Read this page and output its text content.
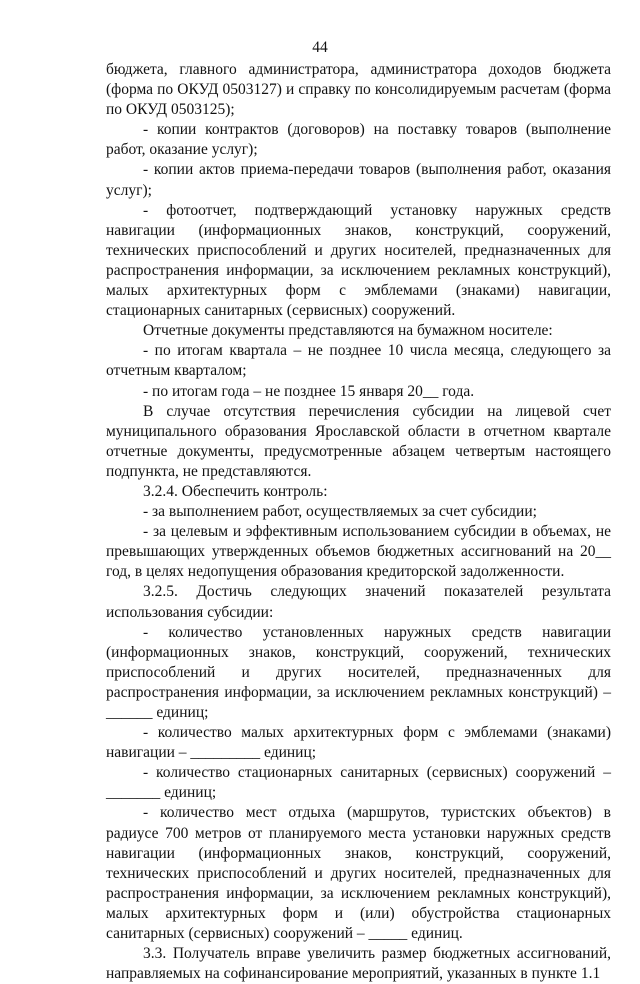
44

бюджета, главного администратора, администратора доходов бюджета (форма по ОКУД 0503127) и справку по консолидируемым расчетам (форма по ОКУД 0503125);

- копии контрактов (договоров) на поставку товаров (выполнение работ, оказание услуг);

- копии актов приема-передачи товаров (выполнения работ, оказания услуг);

- фотоотчет, подтверждающий установку наружных средств навигации (информационных знаков, конструкций, сооружений, технических приспособлений и других носителей, предназначенных для распространения информации, за исключением рекламных конструкций), малых архитектурных форм с эмблемами (знаками) навигации, стационарных санитарных (сервисных) сооружений.

Отчетные документы представляются на бумажном носителе:

- по итогам квартала – не позднее 10 числа месяца, следующего за отчетным кварталом;

- по итогам года – не позднее 15 января 20__ года.

В случае отсутствия перечисления субсидии на лицевой счет муниципального образования Ярославской области в отчетном квартале отчетные документы, предусмотренные абзацем четвертым настоящего подпункта, не представляются.

3.2.4. Обеспечить контроль:

- за выполнением работ, осуществляемых за счет субсидии;

- за целевым и эффективным использованием субсидии в объемах, не превышающих утвержденных объемов бюджетных ассигнований на 20__ год, в целях недопущения образования кредиторской задолженности.

3.2.5. Достичь следующих значений показателей результата использования субсидии:

- количество установленных наружных средств навигации (информационных знаков, конструкций, сооружений, технических приспособлений и других носителей, предназначенных для распространения информации, за исключением рекламных конструкций) – ______ единиц;

- количество малых архитектурных форм с эмблемами (знаками) навигации – _________ единиц;

- количество стационарных санитарных (сервисных) сооружений – _______ единиц;

- количество мест отдыха (маршрутов, туристских объектов) в радиусе 700 метров от планируемого места установки наружных средств навигации (информационных знаков, конструкций, сооружений, технических приспособлений и других носителей, предназначенных для распространения информации, за исключением рекламных конструкций), малых архитектурных форм и (или) обустройства стационарных санитарных (сервисных) сооружений – _____ единиц.

3.3. Получатель вправе увеличить размер бюджетных ассигнований, направляемых на софинансирование мероприятий, указанных в пункте 1.1
